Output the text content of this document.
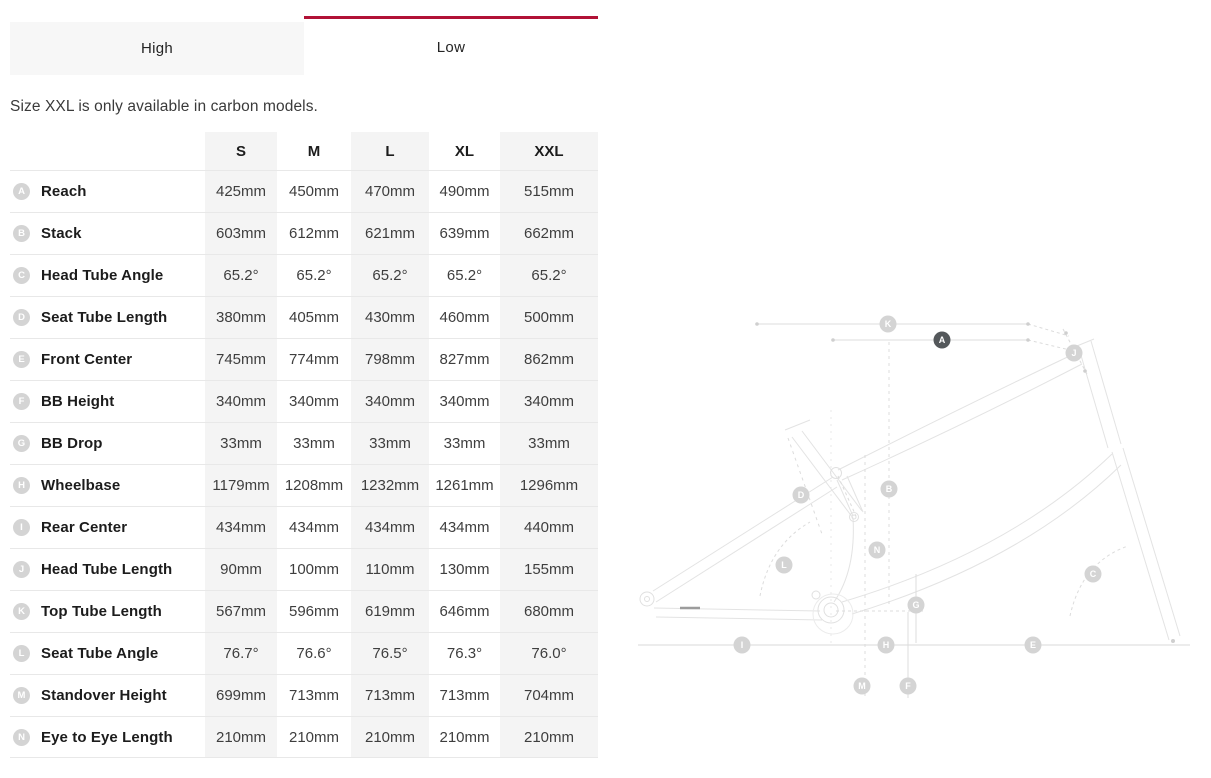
High	Low
Size XXL is only available in carbon models.
S	M	L	XL	XXL
A	Reach	425mm	450mm	470mm	490mm	515mm
B	Stack	603mm	612mm	621mm	639mm	662mm
C	Head Tube Angle	65.2°	65.2°	65.2°	65.2°	65.2°
D	Seat Tube Length	380mm	405mm	430mm	460mm	500mm
E	Front Center	745mm	774mm	798mm	827mm	862mm
F	BB Height	340mm	340mm	340mm	340mm	340mm
G	BB Drop	33mm	33mm	33mm	33mm	33mm
H	Wheelbase	1179mm	1208mm	1232mm	1261mm	1296mm
I	Rear Center	434mm	434mm	434mm	434mm	440mm
J	Head Tube Length	90mm	100mm	110mm	130mm	155mm
K	Top Tube Length	567mm	596mm	619mm	646mm	680mm
L	Seat Tube Angle	76.7°	76.6°	76.5°	76.3°	76.0°
M	Standover Height	699mm	713mm	713mm	713mm	704mm
N	Eye to Eye Length	210mm	210mm	210mm	210mm	210mm
K
A
J
B
D
N
L
C
G
I	H	E
M	F
